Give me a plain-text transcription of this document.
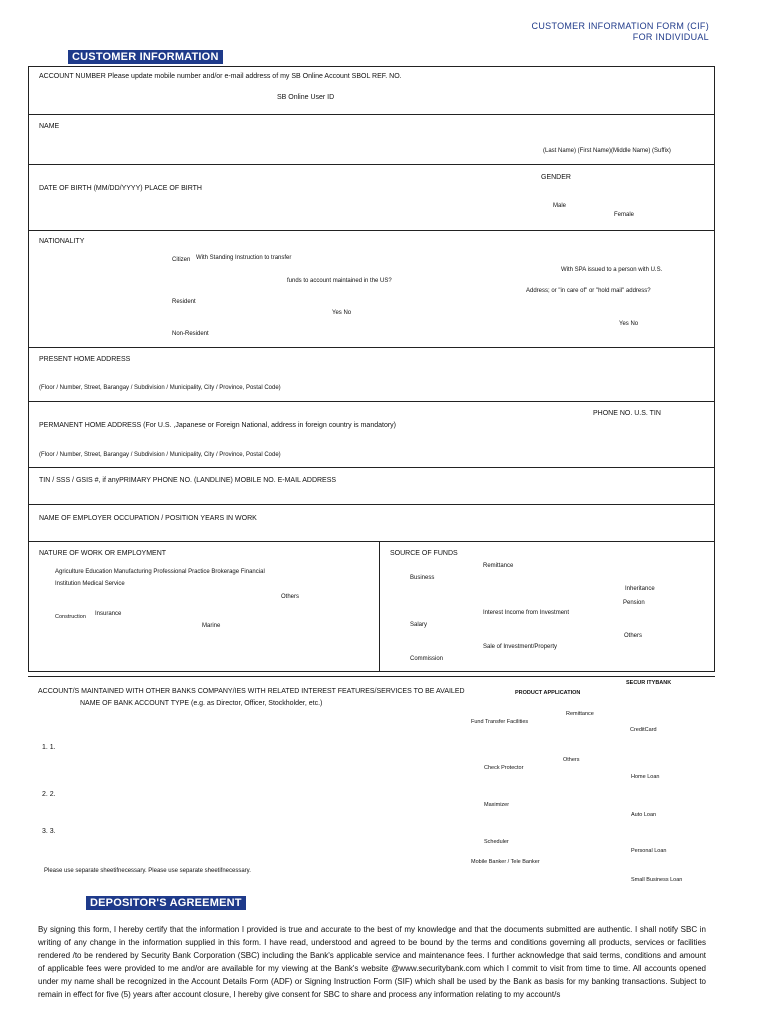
CUSTOMER INFORMATION FORM (CIF)
FOR INDIVIDUAL
CUSTOMER INFORMATION
ACCOUNT NUMBER Please update mobile number and/or e-mail address of my SB Online Account SBOL REF. NO.
SB Online User ID
NAME
(Last Name) (First Name)(Middle Name) (Suffix)
DATE OF BIRTH (MM/DD/YYYY) PLACE OF BIRTH
GENDER
Male
Female
NATIONALITY
Citizen With Standing Instruction to transfer
funds to account maintained in the US?
With SPA issued to a person with U.S.
Address; or "in care of" or "hold mail" address?
Resident
Yes No
Yes No
Non-Resident
PRESENT HOME ADDRESS
(Floor / Number, Street, Barangay / Subdivision / Municipality, City / Province, Postal Code)
PHONE NO. U.S. TIN
PERMANENT HOME ADDRESS (For U.S. ,Japanese or Foreign National, address in foreign country is mandatory)
(Floor / Number, Street, Barangay / Subdivision / Municipality, City / Province, Postal Code)
TIN / SSS / GSIS #, if anyPRIMARY PHONE NO. (LANDLINE) MOBILE NO. E-MAIL ADDRESS
NAME OF EMPLOYER OCCUPATION / POSITION YEARS IN WORK
NATURE OF WORK OR EMPLOYMENT
Agriculture Education Manufacturing Professional Practice Brokerage Financial
Institution Medical Service
Others
Construction Insurance
Marine
SOURCE OF FUNDS
Remittance
Business
Inheritance
Pension
Interest Income from Investment
Salary
Others
Sale of Investment/Property
Commission
ACCOUNT/S MAINTAINED WITH OTHER BANKS COMPANY/IES WITH RELATED INTEREST FEATURES/SERVICES TO BE AVAILED	PRODUCT APPLICATION
SECUR ITYBANK
NAME OF BANK ACCOUNT TYPE (e.g. as Director, Officer, Stockholder, etc.)
Remittance
Fund Transfer Facilities
CreditCard
1. 1.
Others
Check Protector
Home Loan
2. 2.
Maximizer
Auto Loan
3. 3.
Scheduler
Personal Loan
Mobile Banker / Tele Banker
Please use separate sheetifnecessary. Please use separate sheetifnecessary.
Small Business Loan
DEPOSITOR'S AGREEMENT
By signing this form, I hereby certify that the information I provided is true and accurate to the best of my knowledge and that the documents submitted are authentic. I shall notify SBC in writing of any change in the information supplied in this form. I have read, understood and agreed to be bound by the terms and conditions governing all products, services or facilities rendered /to be rendered by Security Bank Corporation (SBC) including the Bank's applicable service and maintenance fees. I further acknowledge that said terms, conditions and amount of applicable fees were provided to me and/or are available for my viewing at the Bank's website @www.securitybank.com which I commit to visit from time to time. All accounts opened under my name shall be recognized in the Account Details Form (ADF) or Signing Instruction Form (SIF) which shall be used by the Bank as basis for my banking transactions. Subject to remain in effect for five (5) years after account closure, I hereby give consent for SBC to share and process any information relating to my account/s
